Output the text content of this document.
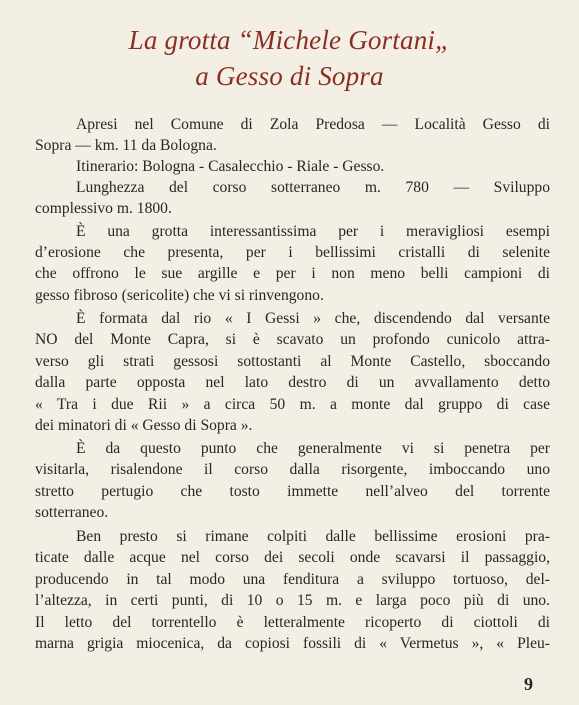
La grotta “Michele Gortani„
a Gesso di Sopra
Apresi nel Comune di Zola Predosa — Località Gesso di
Sopra — km. 11 da Bologna.
Itinerario: Bologna - Casalecchio - Riale - Gesso.
Lunghezza del corso sotterraneo m. 780 — Sviluppo
complessivo m. 1800.
È una grotta interessantissima per i meravigliosi esempi
d’erosione che presenta, per i bellissimi cristalli di selenite
che offrono le sue argille e per i non meno belli campioni di
gesso fibroso (sericolite) che vi si rinvengono.
È formata dal rio « I Gessi » che, discendendo dal versante
NO del Monte Capra, si è scavato un profondo cunicolo attra-
verso gli strati gessosi sottostanti al Monte Castello, sboccando
dalla parte opposta nel lato destro di un avvallamento detto
« Tra i due Rii » a circa 50 m. a monte dal gruppo di case
dei minatori di « Gesso di Sopra ».
È da questo punto che generalmente vi si penetra per
visitarla, risalendone il corso dalla risorgente, imboccando uno
stretto pertugio che tosto immette nell’alveo del torrente
sotterraneo.
Ben presto si rimane colpiti dalle bellissime erosioni pra-
ticate dalle acque nel corso dei secoli onde scavarsi il passaggio,
producendo in tal modo una fenditura a sviluppo tortuoso, del-
l’altezza, in certi punti, di 10 o 15 m. e larga poco più di uno.
Il letto del torrentello è letteralmente ricoperto di ciottoli di
marna grigia miocenica, da copiosi fossili di « Vermetus », « Pleu-
9
